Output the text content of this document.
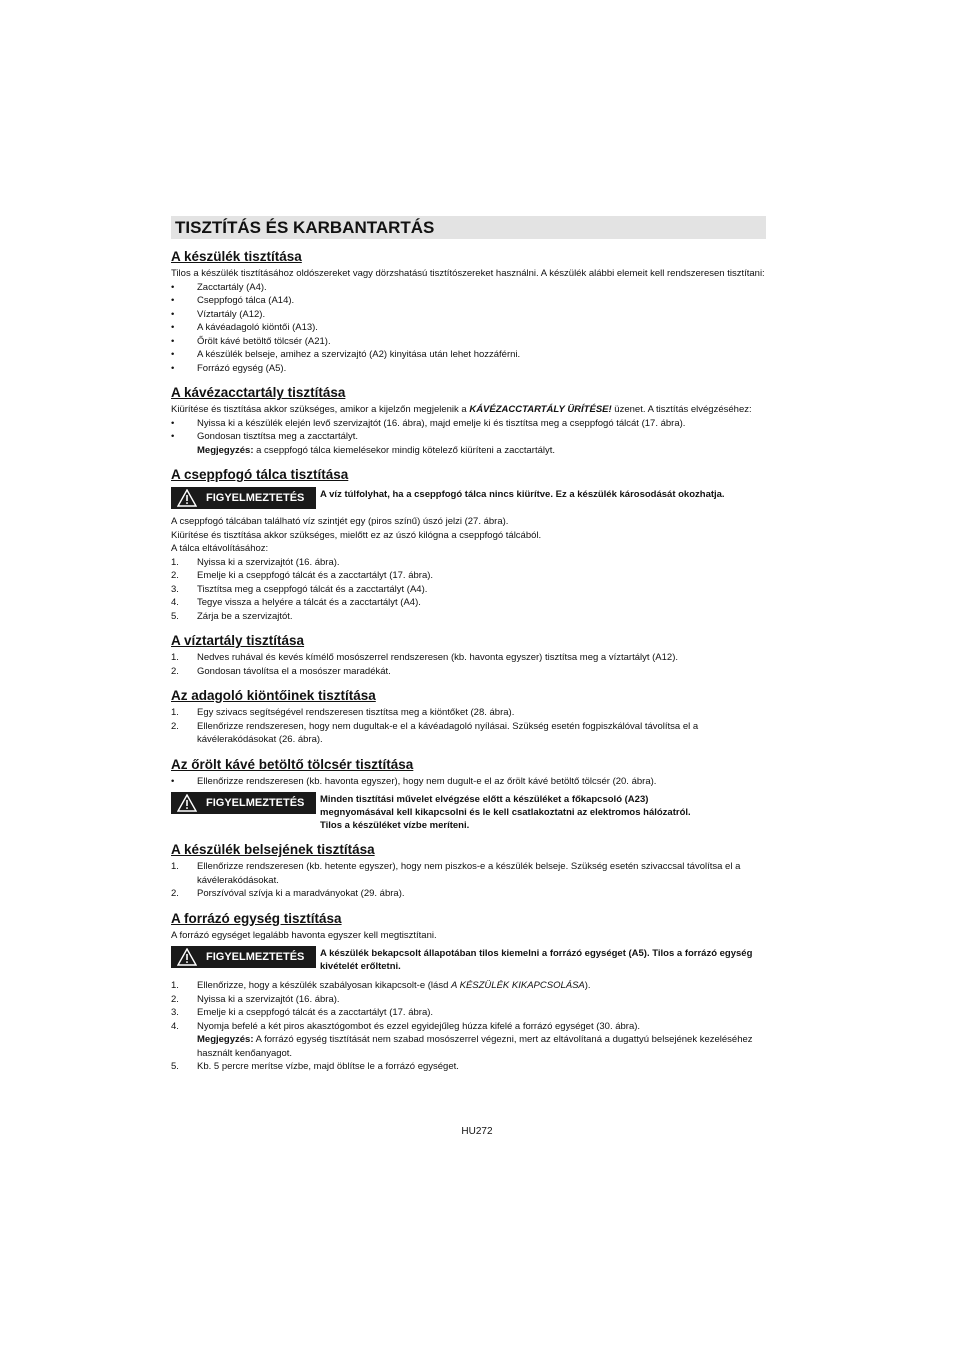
TISZTÍTÁS ÉS KARBANTARTÁS
A készülék tisztítása

Tilos a készülék tisztításához oldószereket vagy dörzshatású tisztítószereket használni. A készülék alábbi elemeit kell rendszeresen tisztítani:

•	Zacctartály (A4).
•	Cseppfogó tálca (A14).
•	Víztartály (A12).
•	A kávéadagoló kiöntői (A13).
•	Őrölt kávé betöltő tölcsér (A21).
•	A készülék belseje, amihez a szervizajtó (A2) kinyitása után lehet hozzáférni.
•	Forrázó egység (A5).
A kávézacctartály tisztítása

Kiürítése és tisztítása akkor szükséges, amikor a kijelzőn megjelenik a KÁVÉZACCTARTÁLY ÜRÍTÉSE! üzenet. A tisztítás elvégzéséhez:

•	Nyissa ki a készülék elején levő szervizajtót (16. ábra), majd emelje ki és tisztítsa meg a cseppfogó tálcát (17. ábra).
•	Gondosan tisztítsa meg a zacctartályt.
Megjegyzés: a cseppfogó tálca kiemelésekor mindig kötelező kiüríteni a zacctartályt.
A cseppfogó tálca tisztítása
FIGYELMEZTETÉS	A víz túlfolyhat, ha a cseppfogó tálca nincs kiürítve. Ez a készülék károsodását okozhatja.

A cseppfogó tálcában található víz szintjét egy (piros színű) úszó jelzi (27. ábra).

Kiürítése és tisztítása akkor szükséges, mielőtt ez az úszó kilógna a cseppfogó tálcából.

A tálca eltávolításához:

1.	Nyissa ki a szervizajtót (16. ábra).
2.	Emelje ki a cseppfogó tálcát és a zacctartályt (17. ábra).
3.	Tisztítsa meg a cseppfogó tálcát és a zacctartályt (A4).
4.	Tegye vissza a helyére a tálcát és a zacctartályt (A4).
5.	Zárja be a szervizajtót.
A víztartály tisztítása
1.	Nedves ruhával és kevés kímélő mosószerrel rendszeresen (kb. havonta egyszer) tisztítsa meg a víztartályt (A12).
2.	Gondosan távolítsa el a mosószer maradékát.
Az adagoló kiöntőinek tisztítása
1.	Egy szivacs segítségével rendszeresen tisztítsa meg a kiöntőket (28. ábra).
2.	Ellenőrizze rendszeresen, hogy nem dugultak-e el a kávéadagoló nyílásai. Szükség esetén fogpiszkálóval távolítsa el a kávélerakódásokat (26. ábra).
Az őrölt kávé betöltő tölcsér tisztítása
•	Ellenőrizze rendszeresen (kb. havonta egyszer), hogy nem dugult-e el az őrölt kávé betöltő tölcsér (20. ábra).
FIGYELMEZTETÉS Minden tisztítási művelet elvégzése előtt a készüléket a főkapcsoló (A23)
megnyomásával kell kikapcsolni és le kell csatlakoztatni az elektromos hálózatról.
Tilos a készüléket vízbe meríteni.
A készülék belsejének tisztítása
1.	Ellenőrizze rendszeresen (kb. hetente egyszer), hogy nem piszkos-e a készülék belseje. Szükség esetén szivaccsal távolítsa el a kávélerakódásokat.
2.	Porszívóval szívja ki a maradványokat (29. ábra).
A forrázó egység tisztítása

A forrázó egységet legalább havonta egyszer kell megtisztítani.

FIGYELMEZTETÉS	A készülék bekapcsolt állapotában tilos kiemelni a forrázó egységet (A5). Tilos a forrázó egység kivételét erőltetni.
1.	Ellenőrizze, hogy a készülék szabályosan kikapcsolt-e (lásd A KÉSZÜLÉK KIKAPCSOLÁSA).
2.	Nyissa ki a szervizajtót (16. ábra).
3.	Emelje ki a cseppfogó tálcát és a zacctartályt (17. ábra).
4.	Nyomja befelé a két piros akasztógombot és ezzel egyidejűleg húzza kifelé a forrázó egységet (30. ábra).
Megjegyzés: A forrázó egység tisztítását nem szabad mosószerrel végezni, mert az eltávolítaná a dugattyú belsejének kezeléséhez használt kenőanyagot.
5.	Kb. 5 percre merítse vízbe, majd öblítse le a forrázó egységet.
HU272
